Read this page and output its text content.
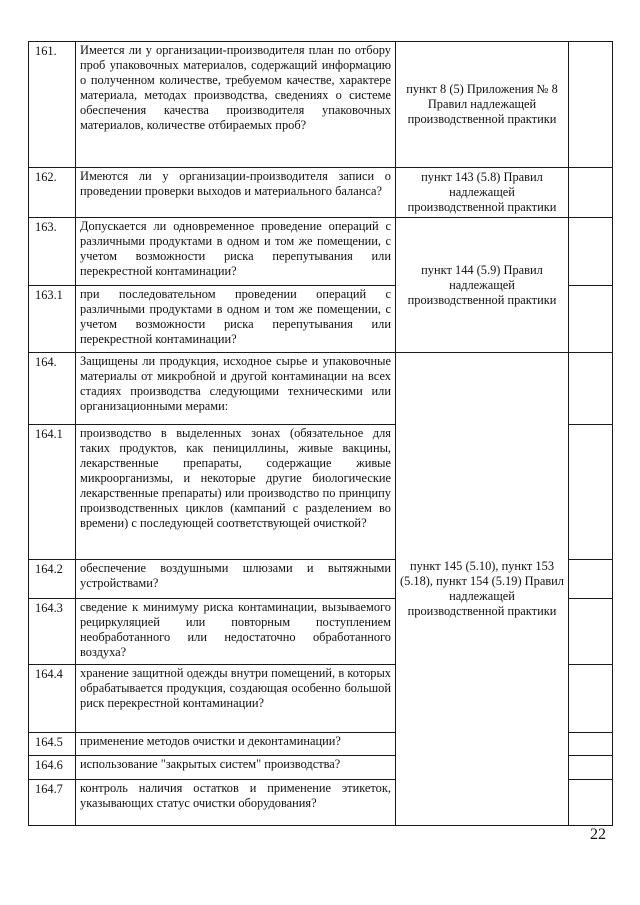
161.	Имеется ли у организации-производителя план по отбору проб упаковочных материалов, содержащий информацию о полученном количестве, требуемом качестве, характере материала, методах производства, сведениях о системе обеспечения качества производителя упаковочных материалов, количестве отбираемых проб?	пункт 8 (5) Приложения № 8 Правил надлежащей производственной практики	
162.	Имеются ли у организации-производителя записи о проведении проверки выходов и материального баланса?	пункт 143 (5.8) Правил надлежащей производственной практики	
163.	Допускается ли одновременное проведение операций с различными продуктами в одном и том же помещении, с учетом возможности риска перепутывания или перекрестной контаминации?	пункт 144 (5.9) Правил надлежащей производственной практики	
163.1	при последовательном проведении операций с различными продуктами в одном и том же помещении, с учетом возможности риска перепутывания или перекрестной контаминации?		
164.	Защищены ли продукция, исходное сырье и упаковочные материалы от микробной и другой контаминации на всех стадиях производства следующими техническими или организационными мерами:	пункт 145 (5.10), пункт 153 (5.18), пункт 154 (5.19) Правил надлежащей производственной практики	
164.1	производство в выделенных зонах (обязательное для таких продуктов, как пенициллины, живые вакцины, лекарственные препараты, содержащие живые микроорганизмы, и некоторые другие биологические лекарственные препараты) или производство по принципу производственных циклов (кампаний с разделением во времени) с последующей соответствующей очисткой?		
164.2	обеспечение воздушными шлюзами и вытяжными устройствами?		
164.3	сведение к минимуму риска контаминации, вызываемого рециркуляцией или повторным поступлением необработанного или недостаточно обработанного воздуха?		
164.4	хранение защитной одежды внутри помещений, в которых обрабатывается продукция, создающая особенно большой риск перекрестной контаминации?		
164.5	применение методов очистки и деконтаминации?		
164.6	использование "закрытых систем" производства?		
164.7	контроль наличия остатков и применение этикеток, указывающих статус очистки оборудования?		
22
